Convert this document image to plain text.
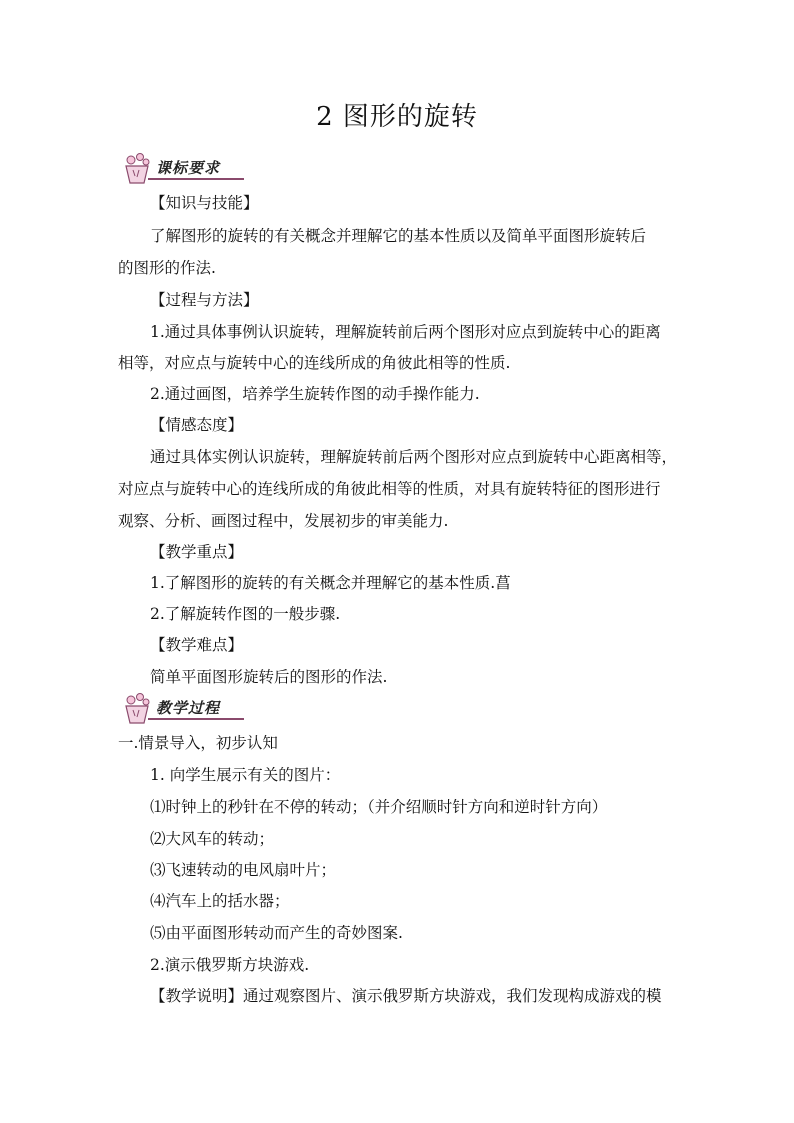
2 图形的旋转
课标要求
【知识与技能】
了解图形的旋转的有关概念并理解它的基本性质以及简单平面图形旋转后
的图形的作法.
【过程与方法】
1.通过具体事例认识旋转，理解旋转前后两个图形对应点到旋转中心的距离
相等，对应点与旋转中心的连线所成的角彼此相等的性质.
2.通过画图，培养学生旋转作图的动手操作能力.
【情感态度】
通过具体实例认识旋转，理解旋转前后两个图形对应点到旋转中心距离相等，
对应点与旋转中心的连线所成的角彼此相等的性质，对具有旋转特征的图形进行
观察、分析、画图过程中，发展初步的审美能力.
【教学重点】
1.了解图形的旋转的有关概念并理解它的基本性质.菖
2.了解旋转作图的一般步骤.
【教学难点】
简单平面图形旋转后的图形的作法.
教学过程
一.情景导入，初步认知
1. 向学生展示有关的图片：
⑴时钟上的秒针在不停的转动；（并介绍顺时针方向和逆时针方向）
⑵大风车的转动；
⑶飞速转动的电风扇叶片；
⑷汽车上的括水器；
⑸由平面图形转动而产生的奇妙图案.
2.演示俄罗斯方块游戏.
【教学说明】通过观察图片、演示俄罗斯方块游戏，我们发现构成游戏的模
